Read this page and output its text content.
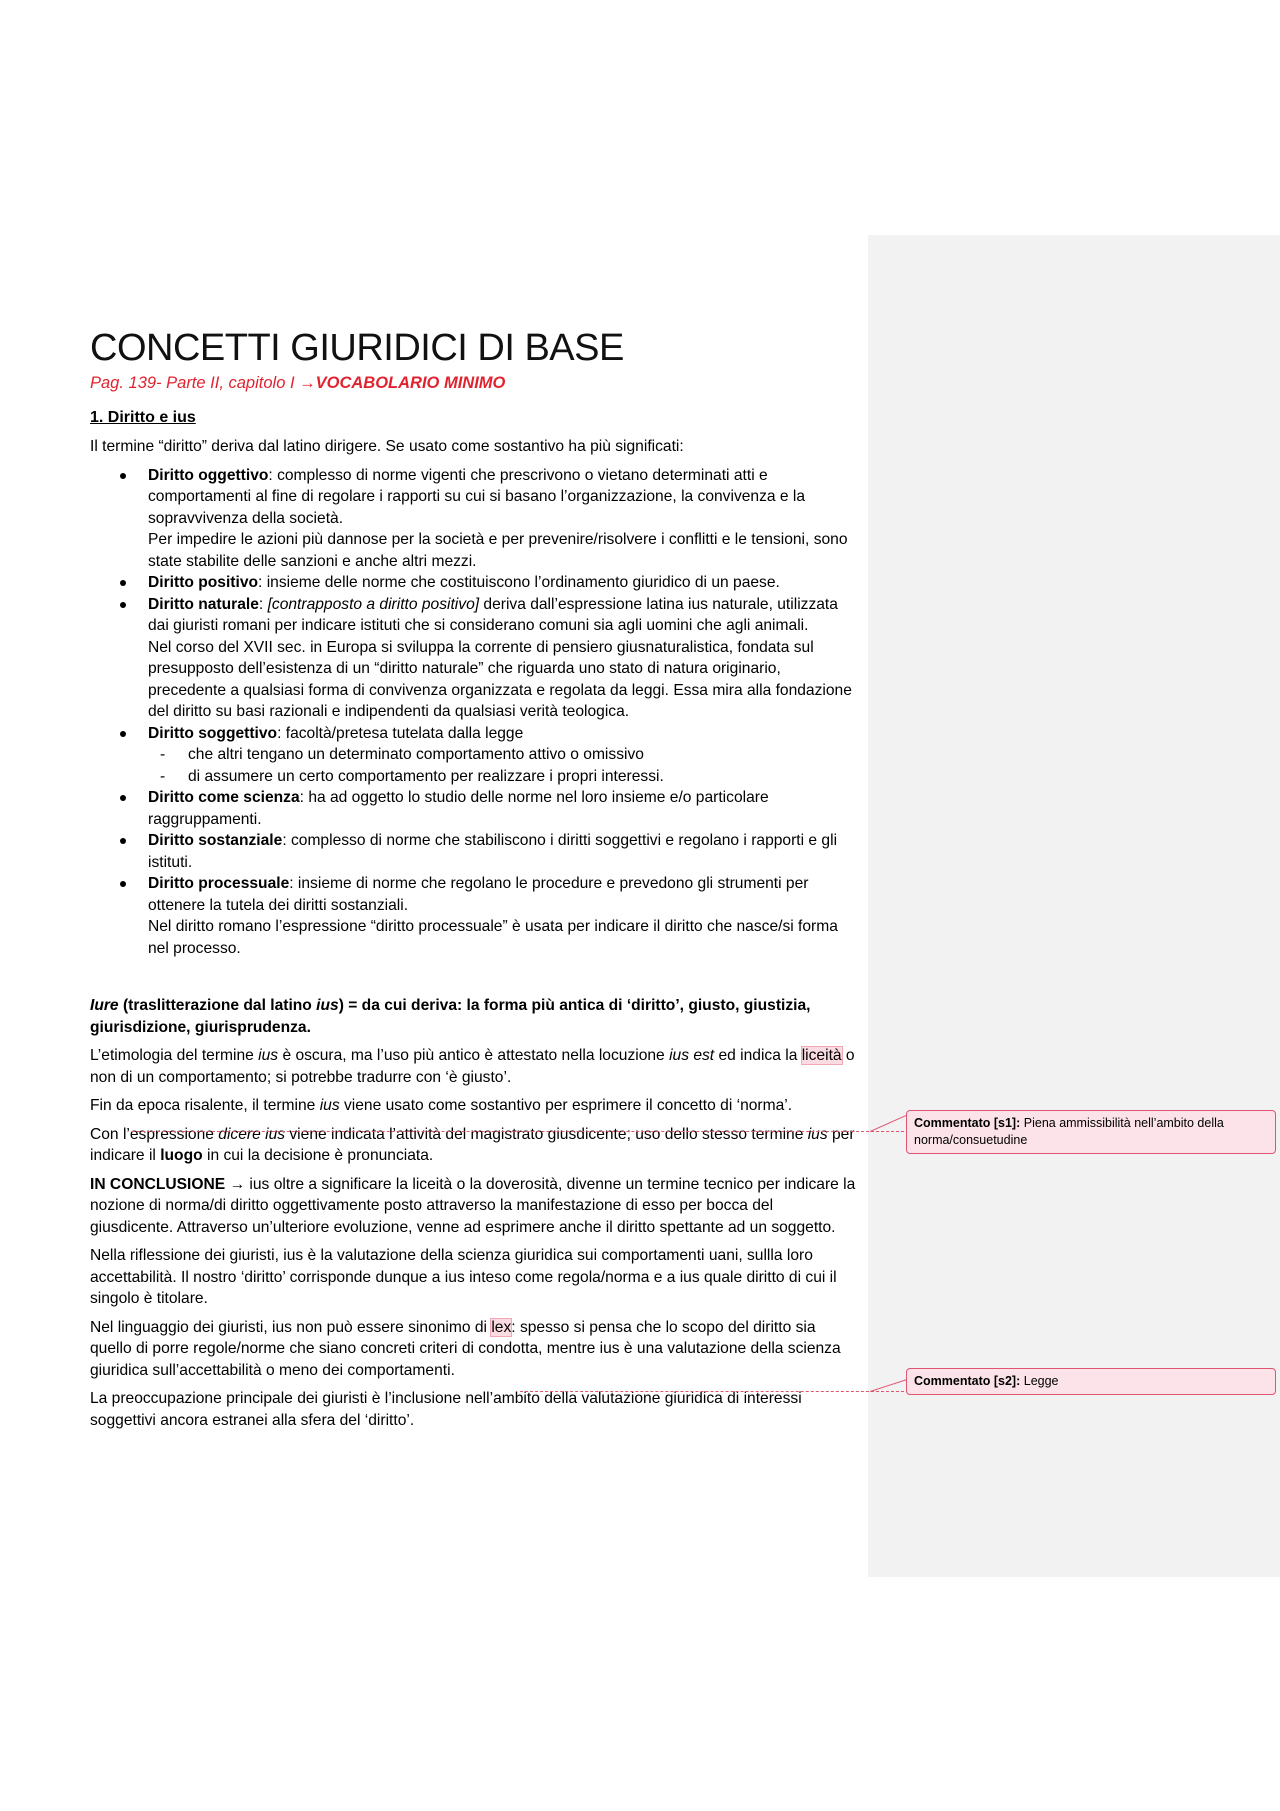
CONCETTI GIURIDICI DI BASE
Pag. 139- Parte II, capitolo I →VOCABOLARIO MINIMO
1. Diritto e ius

Il termine “diritto” deriva dal latino dirigere. Se usato come sostantivo ha più significati:

Diritto oggettivo: complesso di norme vigenti che prescrivono o vietano determinati atti e comportamenti al fine di regolare i rapporti su cui si basano l’organizzazione, la convivenza e la sopravvivenza della società.
Per impedire le azioni più dannose per la società e per prevenire/risolvere i conflitti e le tensioni, sono state stabilite delle sanzioni e anche altri mezzi.
Diritto positivo: insieme delle norme che costituiscono l’ordinamento giuridico di un paese.
Diritto naturale: [contrapposto a diritto positivo] deriva dall’espressione latina ius naturale, utilizzata dai giuristi romani per indicare istituti che si considerano comuni sia agli uomini che agli animali.
Nel corso del XVII sec. in Europa si sviluppa la corrente di pensiero giusnaturalistica, fondata sul presupposto dell’esistenza di un “diritto naturale” che riguarda uno stato di natura originario, precedente a qualsiasi forma di convivenza organizzata e regolata da leggi. Essa mira alla fondazione del diritto su basi razionali e indipendenti da qualsiasi verità teologica.
Diritto soggettivo: facoltà/pretesa tutelata dalla legge
- che altri tengano un determinato comportamento attivo o omissivo
- di assumere un certo comportamento per realizzare i propri interessi.
Diritto come scienza: ha ad oggetto lo studio delle norme nel loro insieme e/o particolare raggruppamenti.
Diritto sostanziale: complesso di norme che stabiliscono i diritti soggettivi e regolano i rapporti e gli istituti.
Diritto processuale: insieme di norme che regolano le procedure e prevedono gli strumenti per ottenere la tutela dei diritti sostanziali.
Nel diritto romano l’espressione “diritto processuale” è usata per indicare il diritto che nasce/si forma nel processo.

Iure (traslitterazione dal latino ius) = da cui deriva: la forma più antica di ‘diritto’, giusto, giustizia, giurisdizione, giurisprudenza.

L’etimologia del termine ius è oscura, ma l’uso più antico è attestato nella locuzione ius est ed indica la liceità o non di un comportamento; si potrebbe tradurre con ‘è giusto’.

Fin da epoca risalente, il termine ius viene usato come sostantivo per esprimere il concetto di ‘norma’.

Con l’espressione dicere ius viene indicata l’attività del magistrato giusdicente; uso dello stesso termine ius per indicare il luogo in cui la decisione è pronunciata.

IN CONCLUSIONE → ius oltre a significare la liceità o la doverosità, divenne un termine tecnico per indicare la nozione di norma/di diritto oggettivamente posto attraverso la manifestazione di esso per bocca del giusdicente. Attraverso un’ulteriore evoluzione, venne ad esprimere anche il diritto spettante ad un soggetto.

Nella riflessione dei giuristi, ius è la valutazione della scienza giuridica sui comportamenti uani, sullla loro accettabilità. Il nostro ‘diritto’ corrisponde dunque a ius inteso come regola/norma e a ius quale diritto di cui il singolo è titolare.

Nel linguaggio dei giuristi, ius non può essere sinonimo di lex: spesso si pensa che lo scopo del diritto sia quello di porre regole/norme che siano concreti criteri di condotta, mentre ius è una valutazione della scienza giuridica sull’accettabilità o meno dei comportamenti.

La preoccupazione principale dei giuristi è l’inclusione nell’ambito della valutazione giuridica di interessi soggettivi ancora estranei alla sfera del ‘diritto’.

Commentato [s1]: Piena ammissibilità nell’ambito della norma/consuetudine
Commentato [s2]: Legge
